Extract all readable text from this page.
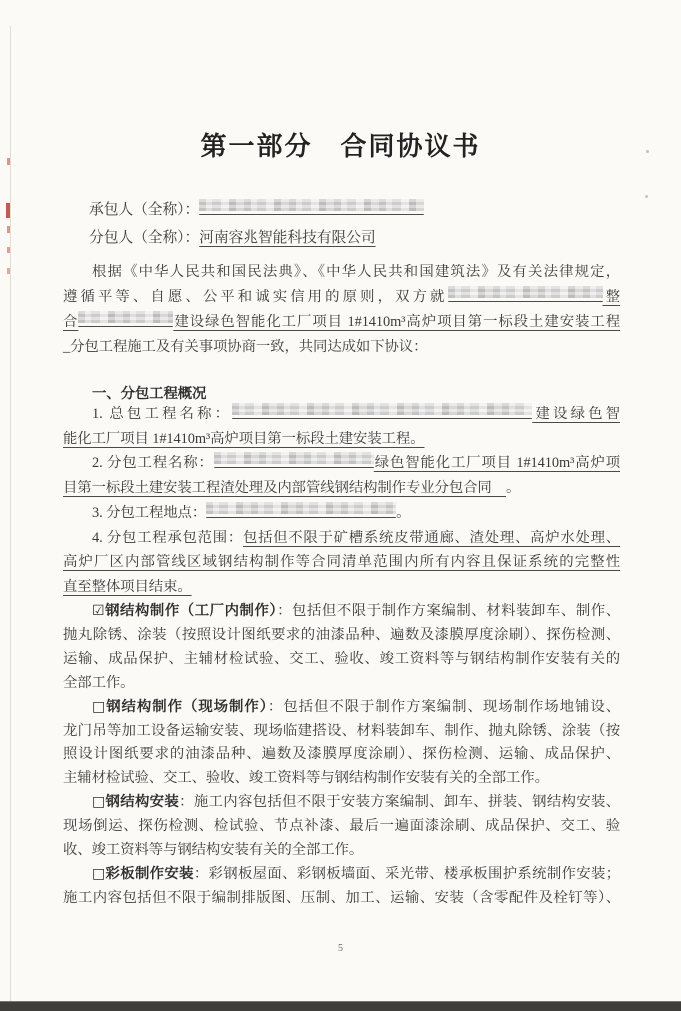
第一部分　合同协议书
承包人（全称）：
分包人（全称）：河南容兆智能科技有限公司
根据《中华人民共和国民法典》、《中华人民共和国建筑法》及有关法律规定，
遵循平等、自愿、公平和诚实信用的原则，双方就	整
合	建设绿色智能化工厂项目 1#1410m³高炉项目第一标段土建安装工程
_分包工程施工及有关事项协商一致，共同达成如下协议：
一、分包工程概况
1. 总包工程名称：	建设绿色智
能化工厂项目 1#1410m³高炉项目第一标段土建安装工程。
2. 分包工程名称：	绿色智能化工厂项目 1#1410m³高炉项
目第一标段土建安装工程渣处理及内部管线钢结构制作专业分包合同　。
3. 分包工程地点：	。
4. 分包工程承包范围：包括但不限于矿槽系统皮带通廊、渣处理、高炉水处理、
高炉厂区内部管线区域钢结构制作等合同清单范围内所有内容且保证系统的完整性
直至整体项目结束。
☑钢结构制作（工厂内制作）：包括但不限于制作方案编制、材料装卸车、制作、
抛丸除锈、涂装（按照设计图纸要求的油漆品种、遍数及漆膜厚度涂刷）、探伤检测、
运输、成品保护、主辅材检试验、交工、验收、竣工资料等与钢结构制作安装有关的
全部工作。
□钢结构制作（现场制作）：包括但不限于制作方案编制、现场制作场地铺设、
龙门吊等加工设备运输安装、现场临建搭设、材料装卸车、制作、抛丸除锈、涂装（按
照设计图纸要求的油漆品种、遍数及漆膜厚度涂刷）、探伤检测、运输、成品保护、
主辅材检试验、交工、验收、竣工资料等与钢结构制作安装有关的全部工作。
□钢结构安装：施工内容包括但不限于安装方案编制、卸车、拼装、钢结构安装、
现场倒运、探伤检测、检试验、节点补漆、最后一遍面漆涂刷、成品保护、交工、验
收、竣工资料等与钢结构安装有关的全部工作。
□彩板制作安装：彩钢板屋面、彩钢板墙面、采光带、楼承板围护系统制作安装；
施工内容包括但不限于编制排版图、压制、加工、运输、安装（含零配件及栓钉等）、
5
